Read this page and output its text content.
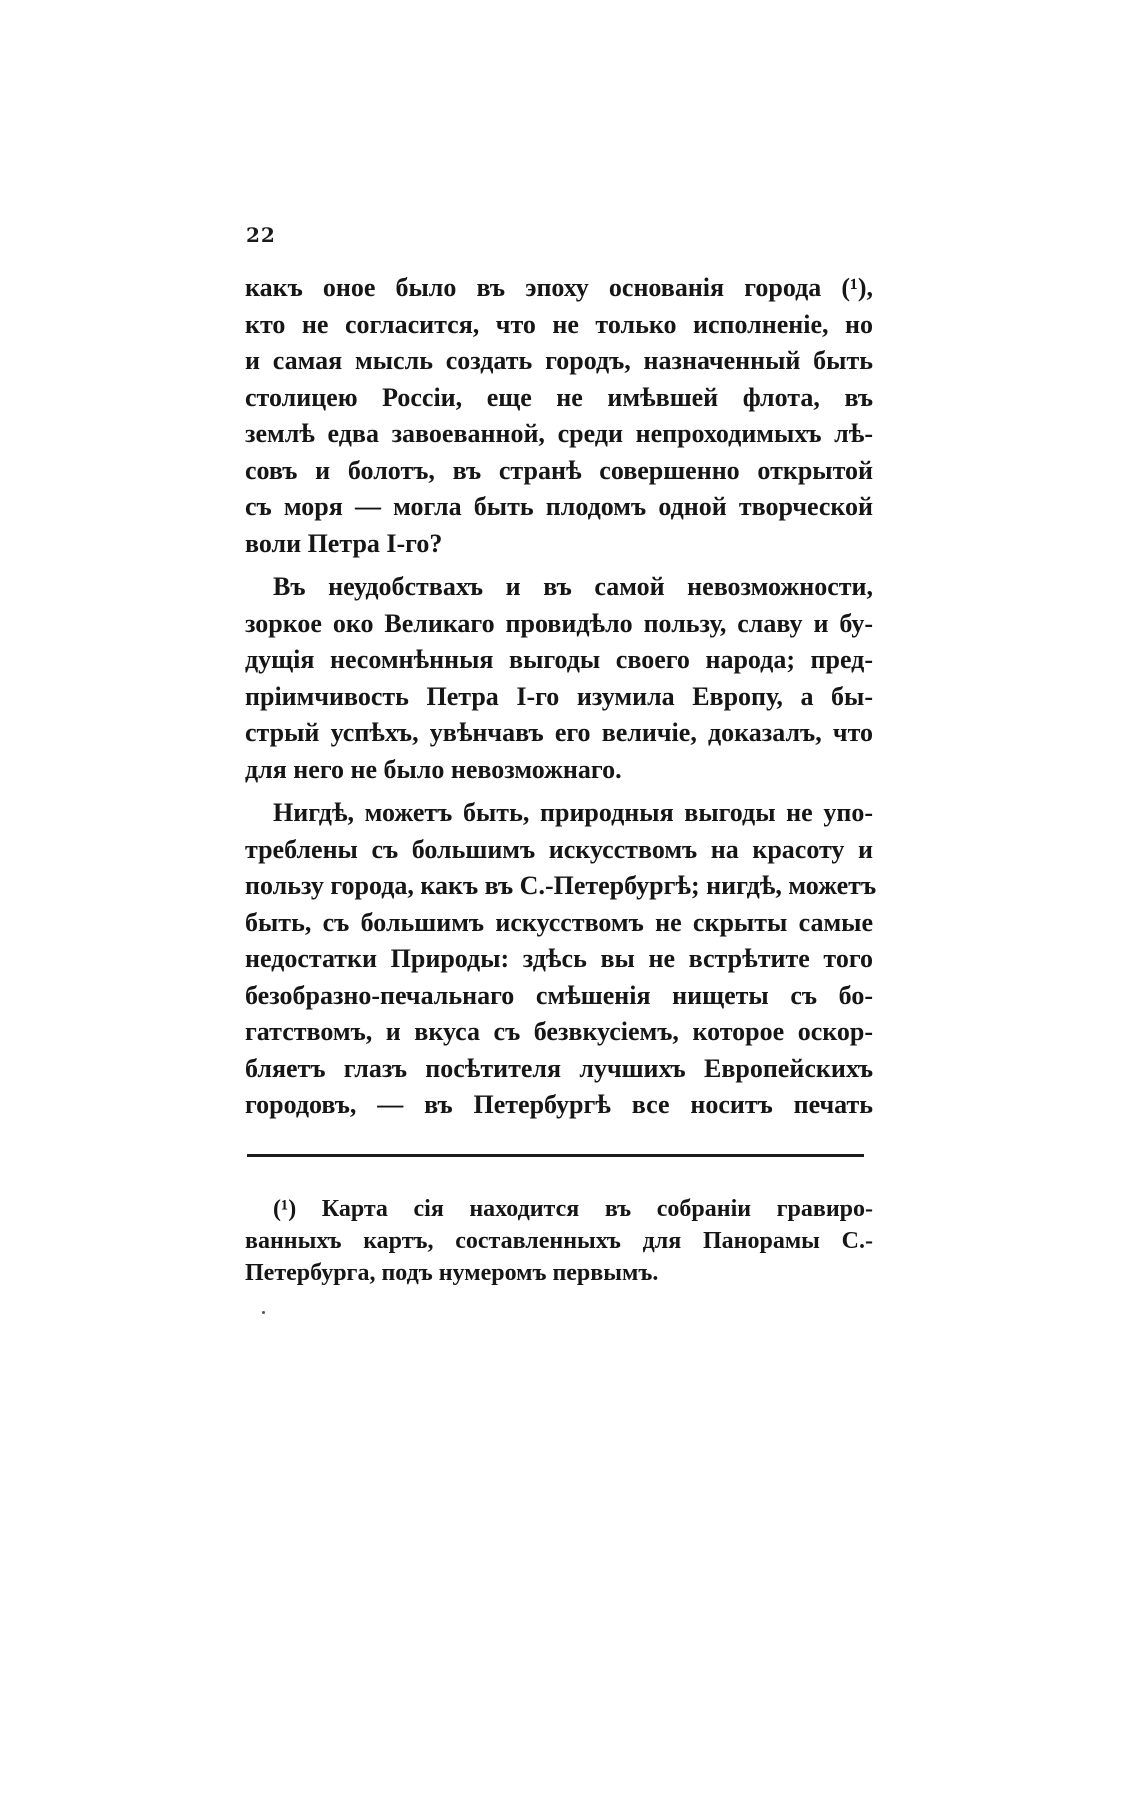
22
какъ оное было въ эпоху основанія города (¹),
кто не согласится, что не только исполненіе, но
и самая мысль создать городъ, назначенный быть
столицею Россіи, еще не имѣвшей флота, въ
землѣ едва завоеванной, среди непроходимыхъ лѣ-
совъ и болотъ, въ странѣ совершенно открытой
съ моря — могла быть плодомъ одной творческой
воли Петра І-го?
Въ неудобствахъ и въ самой невозможности,
зоркое око Великаго провидѣло пользу, славу и бу-
дущія несомнѣнныя выгоды своего народа; пред-
пріимчивость Петра І-го изумила Европу, а бы-
стрый успѣхъ, увѣнчавъ его величіе, доказалъ, что
для него не было невозможнаго.
Нигдѣ, можетъ быть, природныя выгоды не упо-
треблены съ большимъ искусствомъ на красоту и
пользу города, какъ въ С.-Петербургѣ; нигдѣ, можетъ
быть, съ большимъ искусствомъ не скрыты самые
недостатки Природы: здѣсь вы не встрѣтите того
безобразно-печальнаго смѣшенія нищеты съ бо-
гатствомъ, и вкуса съ безвкусіемъ, которое оскор-
бляетъ глазъ посѣтителя лучшихъ Европейскихъ
городовъ, — въ Петербургѣ все носитъ печать
(¹) Карта сія находится въ собраніи гравиро-
ванныхъ картъ, составленныхъ для Панорамы С.-
Петербурга, подъ нумеромъ первымъ.
